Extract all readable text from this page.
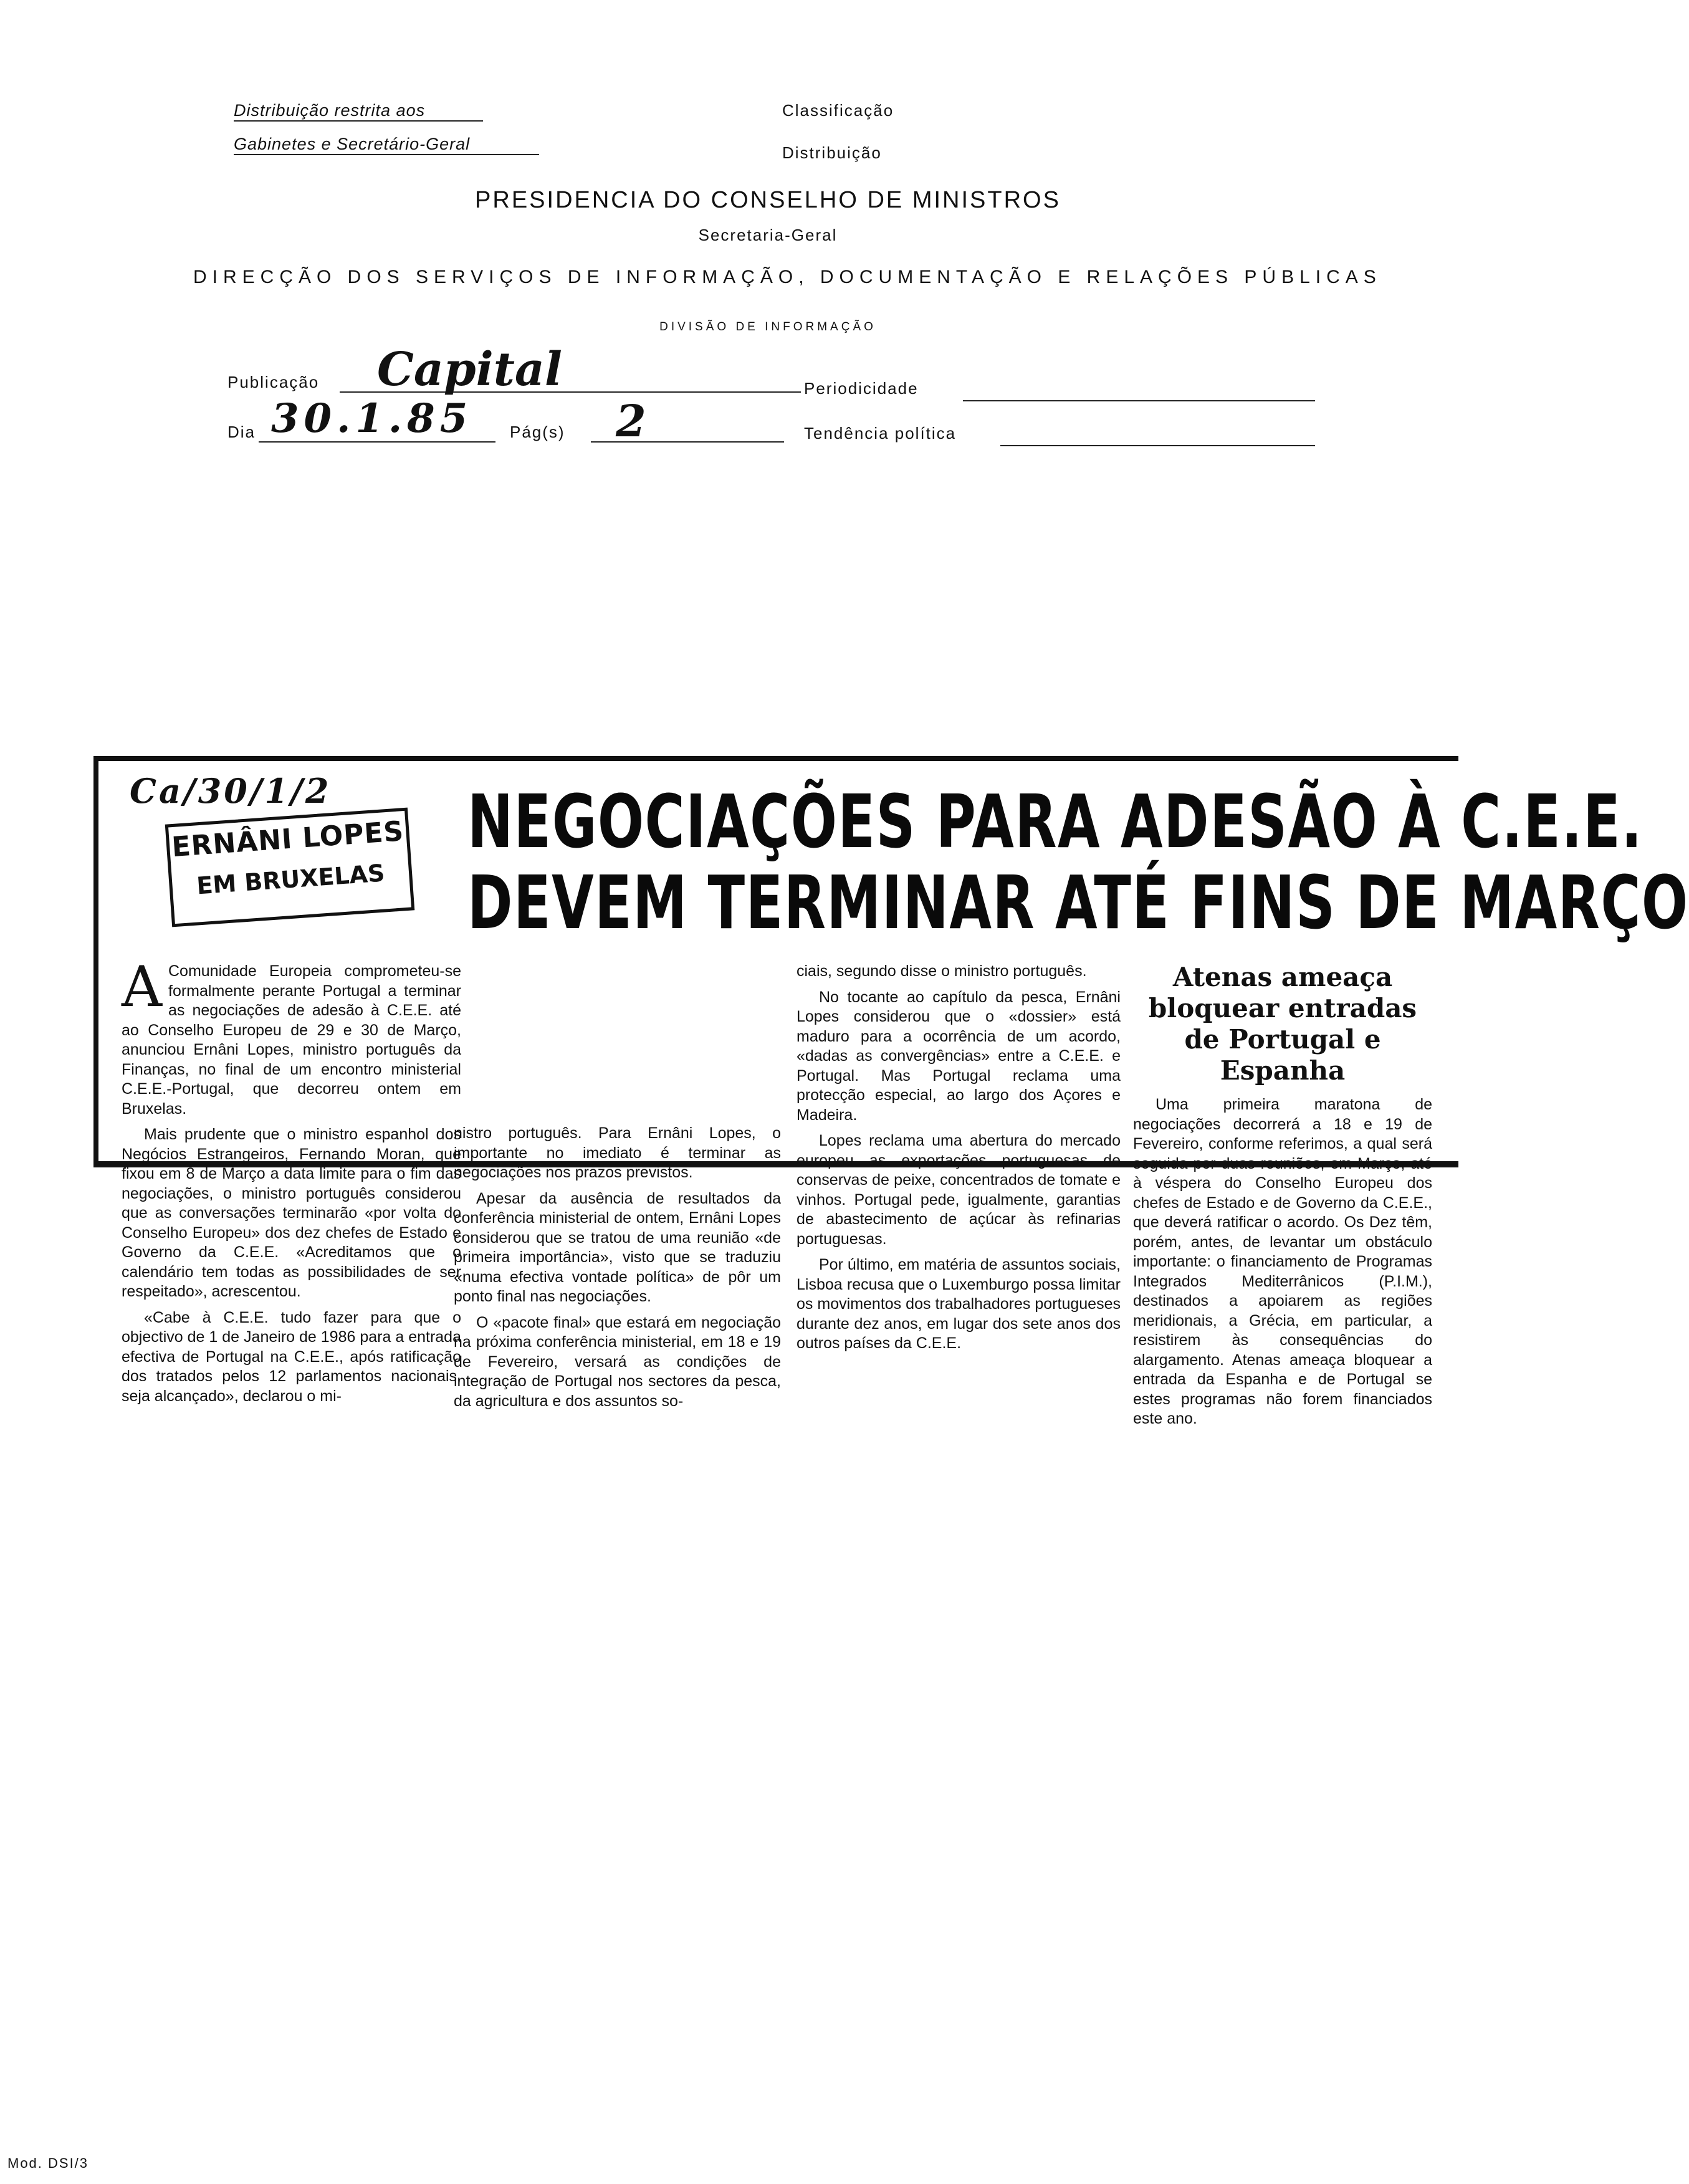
Distribuição restrita aos
Gabinetes e Secretário-Geral
Classificação
Distribuição
PRESIDENCIA DO CONSELHO DE MINISTROS
Secretaria-Geral
DIRECÇÃO DOS SERVIÇOS DE INFORMAÇÃO, DOCUMENTAÇÃO E RELAÇÕES PÚBLICAS
DIVISÃO DE INFORMAÇÃO
Publicação Capital	Periodicidade
Dia 30.1.85 Pág(s) 2	Tendência política
Ca/30/1/2
ERNÂNI LOPES
EM BRUXELAS
NEGOCIAÇÕES PARA ADESÃO À C.E.E.
DEVEM TERMINAR ATÉ FINS DE MARÇO

A Comunidade Europeia comprometeu-se formalmente perante Portugal a terminar as negociações de adesão à C.E.E. até ao Conselho Europeu de 29 e 30 de Março, anunciou Ernâni Lopes, ministro português da Finanças, no final de um encontro ministerial C.E.E.-Portugal, que decorreu ontem em Bruxelas.

Mais prudente que o ministro espanhol dos Negócios Estrangeiros, Fernando Moran, que fixou em 8 de Março a data limite para o fim das negociações, o ministro português considerou que as conversações terminarão «por volta do Conselho Europeu» dos dez chefes de Estado e Governo da C.E.E. «Acreditamos que o calendário tem todas as possibilidades de ser respeitado», acrescentou.

«Cabe à C.E.E. tudo fazer para que o objectivo de 1 de Janeiro de 1986 para a entrada efectiva de Portugal na C.E.E., após ratificação dos tratados pelos 12 parlamentos nacionais, seja alcançado», declarou o mi-

nistro português. Para Ernâni Lopes, o importante no imediato é terminar as negociações nos prazos previstos.

Apesar da ausência de resultados da conferência ministerial de ontem, Ernâni Lopes considerou que se tratou de uma reunião «de primeira importância», visto que se traduziu «numa efectiva vontade política» de pôr um ponto final nas negociações.

O «pacote final» que estará em negociação na próxima conferência ministerial, em 18 e 19 de Fevereiro, versará as condições de integração de Portugal nos sectores da pesca, da agricultura e dos assuntos so-

ciais, segundo disse o ministro português.

No tocante ao capítulo da pesca, Ernâni Lopes considerou que o «dossier» está maduro para a ocorrência de um acordo, «dadas as convergências» entre a C.E.E. e Portugal. Mas Portugal reclama uma protecção especial, ao largo dos Açores e Madeira.

Lopes reclama uma abertura do mercado europeu as exportações portuguesas de conservas de peixe, concentrados de tomate e vinhos. Portugal pede, igualmente, garantias de abastecimento de açúcar às refinarias portuguesas.

Por último, em matéria de assuntos sociais, Lisboa recusa que o Luxemburgo possa limitar os movimentos dos trabalhadores portugueses durante dez anos, em lugar dos sete anos dos outros países da C.E.E.

Atenas ameaça bloquear entradas de Portugal e Espanha

Uma primeira maratona de negociações decorrerá a 18 e 19 de Fevereiro, conforme referimos, a qual será seguida por duas reuniões, em Março, até à véspera do Conselho Europeu dos chefes de Estado e de Governo da C.E.E., que deverá ratificar o acordo. Os Dez têm, porém, antes, de levantar um obstáculo importante: o financiamento de Programas Integrados Mediterrânicos (P.I.M.), destinados a apoiarem as regiões meridionais, a Grécia, em particular, a resistirem às consequências do alargamento. Atenas ameaça bloquear a entrada da Espanha e de Portugal se estes programas não forem financiados este ano.

Mod. DSI/3
